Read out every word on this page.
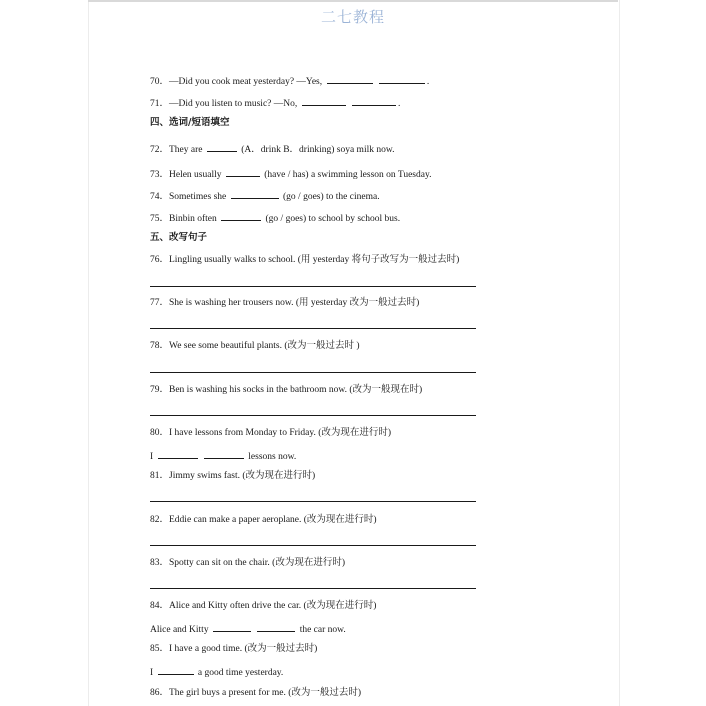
二七教程
70．—Did you cook meat yesterday? —Yes,	.
71．—Did you listen to music? —No,	.
四、选词/短语填空
72．They are	(A．drink B．drinking) soya milk now.
73．Helen usually	(have / has) a swimming lesson on Tuesday.
74．Sometimes she	(go / goes) to the cinema.
75．Binbin often	(go / goes) to school by school bus.
五、改写句子
76．Lingling usually walks to school. (用 yesterday 将句子改写为一般过去时)
77．She is washing her trousers now. (用 yesterday 改为一般过去时)
78．We see some beautiful plants. (改为一般过去时 )
79．Ben is washing his socks in the bathroom now. (改为一般现在时)
80．I have lessons from Monday to Friday. (改为现在进行时)
I	lessons now.
81．Jimmy swims fast. (改为现在进行时)
82．Eddie can make a paper aeroplane. (改为现在进行时)
83．Spotty can sit on the chair. (改为现在进行时)
84．Alice and Kitty often drive the car. (改为现在进行时)
Alice and Kitty	the car now.
85．I have a good time. (改为一般过去时)
I	a good time yesterday.
86．The girl buys a present for me. (改为一般过去时)
